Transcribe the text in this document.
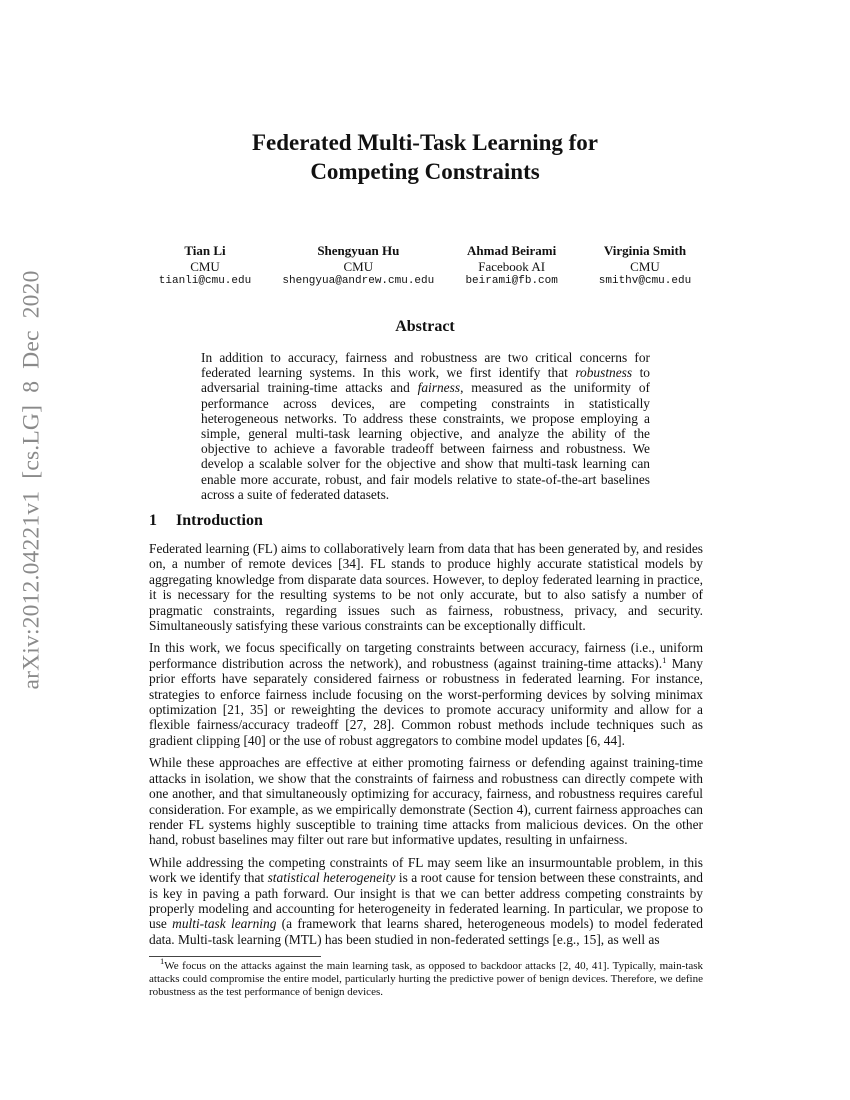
arXiv:2012.04221v1 [cs.LG] 8 Dec 2020
Federated Multi-Task Learning for
Competing Constraints
Tian Li
CMU
tianli@cmu.edu
Shengyuan Hu
CMU
shengyua@andrew.cmu.edu
Ahmad Beirami
Facebook AI
beirami@fb.com
Virginia Smith
CMU
smithv@cmu.edu
Abstract
In addition to accuracy, fairness and robustness are two critical concerns for federated learning systems. In this work, we first identify that robustness to adversarial training-time attacks and fairness, measured as the uniformity of performance across devices, are competing constraints in statistically heterogeneous networks. To address these constraints, we propose employing a simple, general multi-task learning objective, and analyze the ability of the objective to achieve a favorable tradeoff between fairness and robustness. We develop a scalable solver for the objective and show that multi-task learning can enable more accurate, robust, and fair models relative to state-of-the-art baselines across a suite of federated datasets.
1 Introduction

Federated learning (FL) aims to collaboratively learn from data that has been generated by, and resides on, a number of remote devices [34]. FL stands to produce highly accurate statistical models by aggregating knowledge from disparate data sources. However, to deploy federated learning in practice, it is necessary for the resulting systems to be not only accurate, but to also satisfy a number of pragmatic constraints, regarding issues such as fairness, robustness, privacy, and security. Simultaneously satisfying these various constraints can be exceptionally difficult.

In this work, we focus specifically on targeting constraints between accuracy, fairness (i.e., uniform performance distribution across the network), and robustness (against training-time attacks).$^1$ Many prior efforts have separately considered fairness or robustness in federated learning. For instance, strategies to enforce fairness include focusing on the worst-performing devices by solving minimax optimization [21, 35] or reweighting the devices to promote accuracy uniformity and allow for a flexible fairness/accuracy tradeoff [27, 28]. Common robust methods include techniques such as gradient clipping [40] or the use of robust aggregators to combine model updates [6, 44].

While these approaches are effective at either promoting fairness or defending against training-time attacks in isolation, we show that the constraints of fairness and robustness can directly compete with one another, and that simultaneously optimizing for accuracy, fairness, and robustness requires careful consideration. For example, as we empirically demonstrate (Section 4), current fairness approaches can render FL systems highly susceptible to training time attacks from malicious devices. On the other hand, robust baselines may filter out rare but informative updates, resulting in unfairness.

While addressing the competing constraints of FL may seem like an insurmountable problem, in this work we identify that statistical heterogeneity is a root cause for tension between these constraints, and is key in paving a path forward. Our insight is that we can better address competing constraints by properly modeling and accounting for heterogeneity in federated learning. In particular, we propose to use multi-task learning (a framework that learns shared, heterogeneous models) to model federated data. Multi-task learning (MTL) has been studied in non-federated settings [e.g., 15], as well as

$^1$We focus on the attacks against the main learning task, as opposed to backdoor attacks [2, 40, 41]. Typically, main-task attacks could compromise the entire model, particularly hurting the predictive power of benign devices. Therefore, we define robustness as the test performance of benign devices.
